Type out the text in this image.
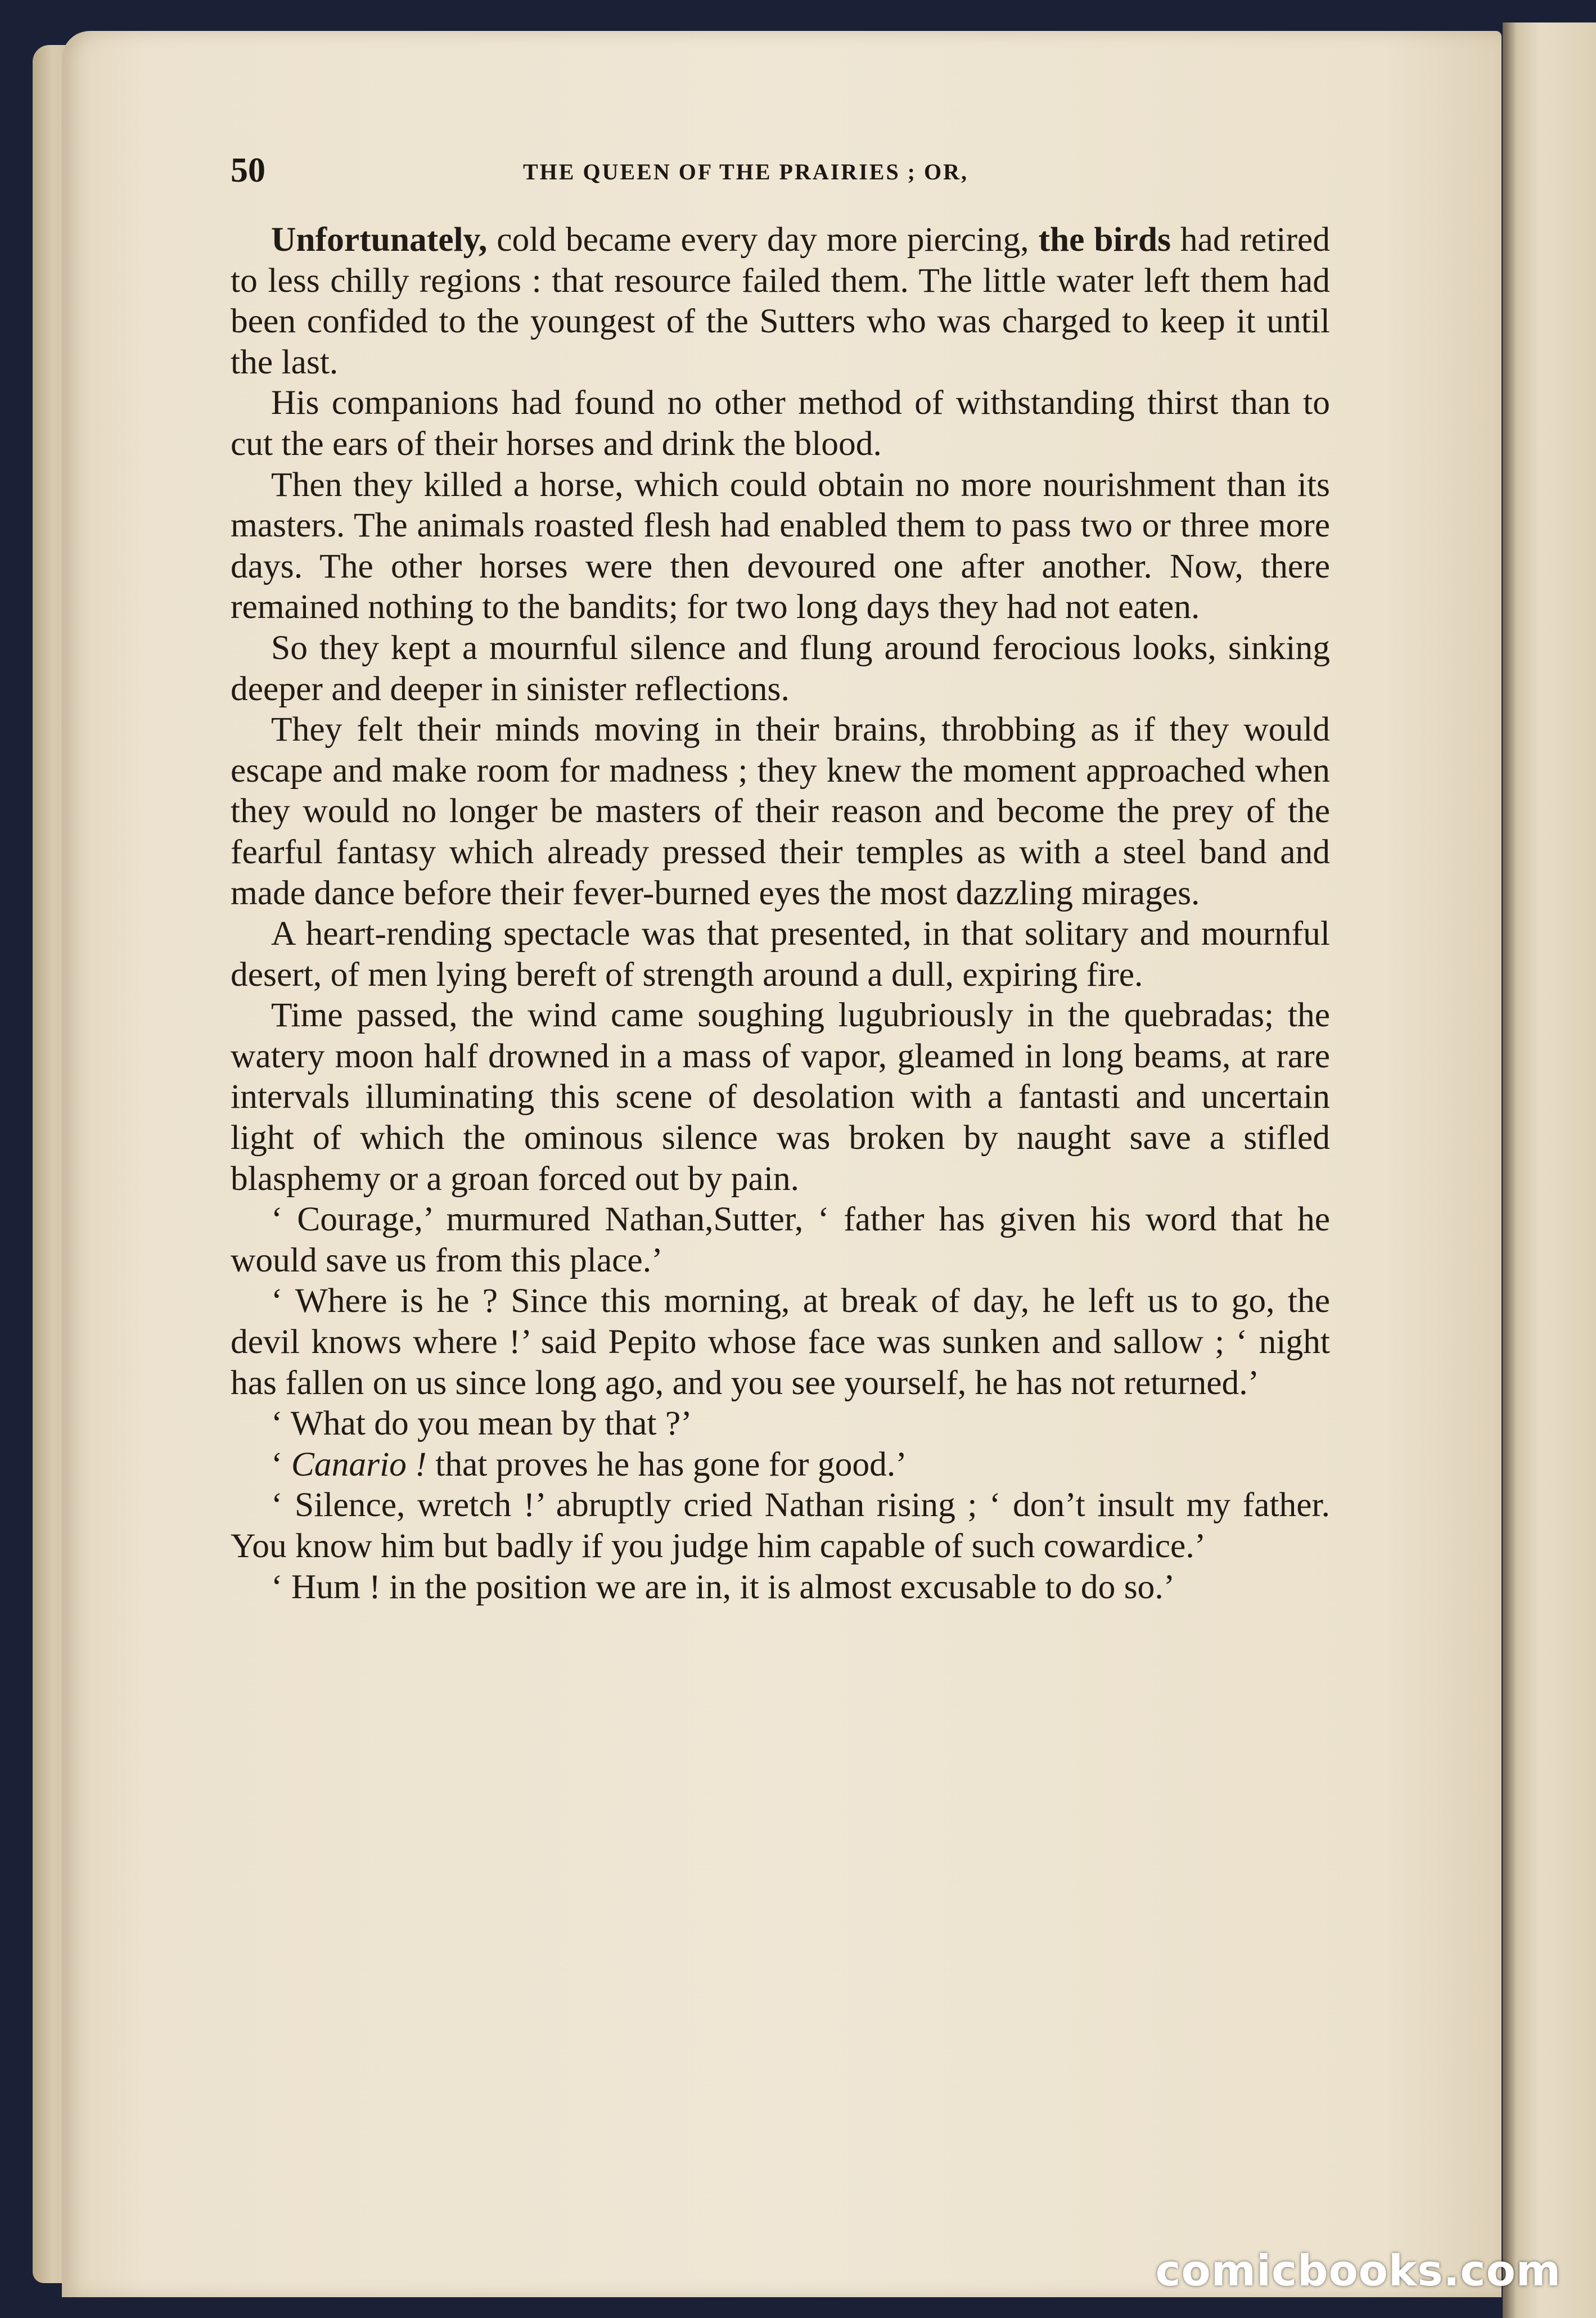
50	THE QUEEN OF THE PRAIRIES ; OR,

Unfortunately, cold became every day more piercing, the birds had retired to less chilly regions : that resource failed them. The little water left them had been confided to the youngest of the Sutters who was charged to keep it until the last.

His companions had found no other method of withstanding thirst than to cut the ears of their horses and drink the blood.

Then they killed a horse, which could obtain no more nourishment than its masters. The animals roasted flesh had enabled them to pass two or three more days. The other horses were then devoured one after another. Now, there remained nothing to the bandits; for two long days they had not eaten.

So they kept a mournful silence and flung around ferocious looks, sinking deeper and deeper in sinister reflections.

They felt their minds moving in their brains, throbbing as if they would escape and make room for madness ; they knew the moment approached when they would no longer be masters of their reason and become the prey of the fearful fantasy which already pressed their temples as with a steel band and made dance before their fever-burned eyes the most dazzling mirages.

A heart-rending spectacle was that presented, in that solitary and mournful desert, of men lying bereft of strength around a dull, expiring fire.

Time passed, the wind came soughing lugubriously in the quebradas; the watery moon half drowned in a mass of vapor, gleamed in long beams, at rare intervals illuminating this scene of desolation with a fantasti and uncertain light of which the ominous silence was broken by naught save a stifled blasphemy or a groan forced out by pain.

‘ Courage,’ murmured Nathan,Sutter, ‘ father has given his word that he would save us from this place.’

‘ Where is he ? Since this morning, at break of day, he left us to go, the devil knows where !’ said Pepito whose face was sunken and sallow ; ‘ night has fallen on us since long ago, and you see yourself, he has not returned.’

‘ What do you mean by that ?’

‘ Canario ! that proves he has gone for good.’

‘ Silence, wretch !’ abruptly cried Nathan rising ; ‘ don’t insult my father. You know him but badly if you judge him capable of such cowardice.’

‘ Hum ! in the position we are in, it is almost excusable to do so.’

comicbooks.com
